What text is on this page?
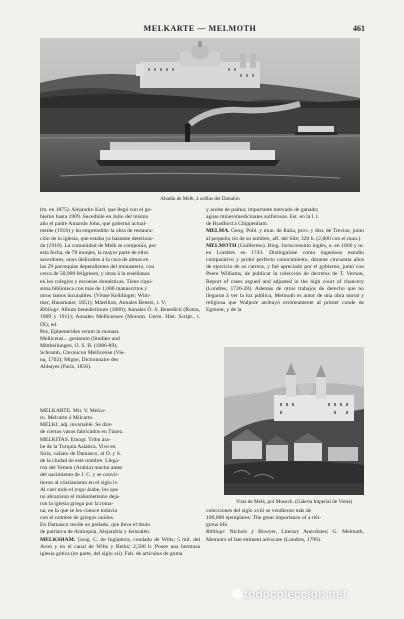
MELKARTE — MELMOTH	461
Abadía de Melk, á orillas del Danubio

(m. en 1875). Alejandro Karl, que llegó con el go-

bierno hasta 1909. Sucedióle en Julio del mismo

año el padre Amando John, que gobernó actual-

mente (1916) y ha emprendido la obra de restaura-

ción de la iglesia, que estaba ya bastante deteriora-

da (1910). La comunidad de Melk se componía, por

esta fecha, de 78 monjes, la mayor parte de ellos

sacerdotes, unos dedicados á la cura de almas en

las 29 parroquias dependientes del monasterio, con

cerca de 50,000 feligreses, y otras á la enseñanza

en los colegios y escuelas domésticas. Tiene riquí-

sima biblioteca con más de 1,000 manuscritos y

otros tantos incunables. (Véase Keiblinger; Wim-

mer; Hausmaier, 1851); Matellion, Annales Bened., t. V;

Bibliogr. Album benedictinum (1880); Annales O. S. Benedicti (Roma, 1909 y 1911); Annales Mellicenses (Monum. Germ. Hist. Script., t. IX); ed.

Pez, Ephemerides rerum in monast.

Mellicensi... gestarum (Studien und

Mittheilungen, O. S. B. (1886-89);

Schramb, Chronicon Mellicense (Vie-

na, 1702); Migne, Dictionnaire des

Abbayes (París, 1856).

y aceite de palma; importante mercado de ganado;

aguas mineromedicinales sulfurosas. Est. en la l. t.

de Bradford á Chippenham.

MELMA. Geog. Pobl. y mun. de Italia, prov. y dist. de Treviso, junto al pequeño río de su nombre, afl. del Sile; 320 h. (2,800 con el mun.).

MELMOTH (Guillermo). Biog. Jurisconsulto inglés, n. en 1666 y m. en Londres en 1743. Distinguióse como ingenioso estudio comparativo y probó perfecto conocimiento, durante cincuenta años de ejercicio de su carrera, y fué apreciado por el gobierno, junto con Peere Williams, de publicar la colección de decretos de T. Vernon, Report of cases argued and adjusted in the high court of chancery (Londres, 1726-28). Además de otros trabajos de derecho que no llegaron á ver la luz pública, Melmoth es autor de una obra moral y religiosa que Walpole atribuyó erróneamente al primer conde de Egmont, y de la

MELKARTE. Mit. V. Melca-

ro. Melcarte ó Milcarto.

MELKI. adj. invariable. Se dice

de ciertos vasos fabricados en Túnez.

MELKITAS. Etnogr. Tribu ára-

be de la Turquía Asiática. Vive en

Siria, valiato de Damasco, al O. y S.

de la ciudad de este nombre. Llega-

ron del Yemen (Arabia) mucho antes

del nacimiento de J. C. y se convir-

tieron al cristianismo en el siglo iv.

Al caer todo el yugo árabe, los que

no abrazaron el mahometismo deja-

ron la iglesia griega por la roma-	Vista de Melk, por Munsch. (Galería Imperial de Viena)

na, en la que se les conoce todavía

con el nombre de griegos unidos.

En Damasco reside un prelado, que lleva el título

de patriarca de Antioquía, Alejandría y Jerusalén.

MELKSHAM. Geog. C. de Inglaterra, condado de Wilts; 5 mil. del Avon y en el canal de Wilts y Berks; 2,500 h. Posee una hermosa iglesia gótica (en parte, del siglo xii). Fab. de artículos de goma

colecciones del siglo xviii se vendieron más de

100,000 ejemplares: The great importance of a reli-

gious life.

Bibliogr. Nichols y Bowyer, Literary Anecdotes; G. Melmoth, Memoirs of late eminent advocate (Londres, 1796).

todocoleccion.net
